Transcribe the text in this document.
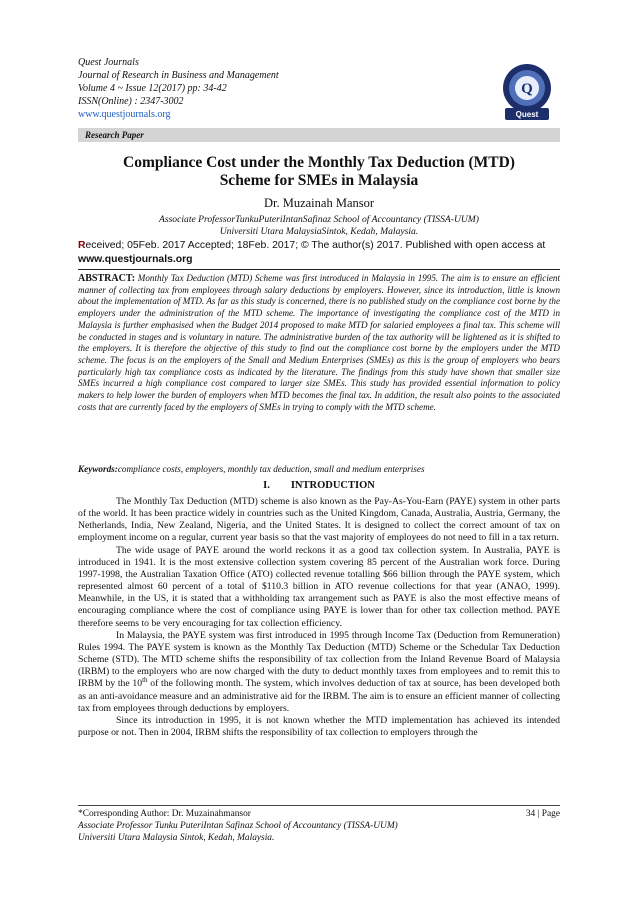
Quest Journals
Journal of Research in Business and Management
Volume 4 ~ Issue 12(2017) pp: 34-42
ISSN(Online) : 2347-3002
www.questjournals.org
Q
Quest
Research Paper
Compliance Cost under the Monthly Tax Deduction (MTD)
Scheme for SMEs in Malaysia
Dr. Muzainah Mansor
Associate ProfessorTunkuPuteriIntanSafinaz School of Accountancy (TISSA-UUM)
Universiti Utara MalaysiaSintok, Kedah, Malaysia.
Received; 05Feb. 2017 Accepted; 18Feb. 2017; © The author(s) 2017. Published with open access at
www.questjournals.org
ABSTRACT: Monthly Tax Deduction (MTD) Scheme was first introduced in Malaysia in 1995. The aim is to ensure an efficient manner of collecting tax from employees through salary deductions by employers. However, since its introduction, little is known about the implementation of MTD. As far as this study is concerned, there is no published study on the compliance cost borne by the employers under the administration of the MTD scheme. The importance of investigating the compliance cost of the MTD in Malaysia is further emphasised when the Budget 2014 proposed to make MTD for salaried employees a final tax. This scheme will be conducted in stages and is voluntary in nature. The administrative burden of the tax authority will be lightened as it is shifted to the employers. It is therefore the objective of this study to find out the compliance cost borne by the employers under the MTD scheme. The focus is on the employers of the Small and Medium Enterprises (SMEs) as this is the group of employers who bears particularly high tax compliance costs as indicated by the literature. The findings from this study have shown that smaller size SMEs incurred a high compliance cost compared to larger size SMEs. This study has provided essential information to policy makers to help lower the burden of employers when MTD becomes the final tax. In addition, the result also points to the associated costs that are currently faced by the employers of SMEs in trying to comply with the MTD scheme.
Keywords:compliance costs, employers, monthly tax deduction, small and medium enterprises
I.        INTRODUCTION

The Monthly Tax Deduction (MTD) scheme is also known as the Pay-As-You-Earn (PAYE) system in other parts of the world. It has been practice widely in countries such as the United Kingdom, Canada, Australia, Austria, Germany, the Netherlands, India, New Zealand, Nigeria, and the United States. It is designed to collect the correct amount of tax on employment income on a regular, current year basis so that the vast majority of employees do not need to fill in a tax return.

The wide usage of PAYE around the world reckons it as a good tax collection system. In Australia, PAYE is introduced in 1941. It is the most extensive collection system covering 85 percent of the Australian work force. During 1997-1998, the Australian Taxation Office (ATO) collected revenue totalling $66 billion through the PAYE system, which represented almost 60 percent of a total of $110.3 billion in ATO revenue collections for that year (ANAO, 1999). Meanwhile, in the US, it is stated that a withholding tax arrangement such as PAYE is also the most effective means of encouraging compliance where the cost of compliance using PAYE is lower than for other tax collection method. PAYE therefore seems to be very encouraging for tax collection efficiency.

In Malaysia, the PAYE system was first introduced in 1995 through Income Tax (Deduction from Remuneration) Rules 1994. The PAYE system is known as the Monthly Tax Deduction (MTD) Scheme or the Schedular Tax Deduction Scheme (STD). The MTD scheme shifts the responsibility of tax collection from the Inland Revenue Board of Malaysia (IRBM) to the employers who are now charged with the duty to deduct monthly taxes from employees and to remit this to IRBM by the 10th of the following month. The system, which involves deduction of tax at source, has been developed both as an anti-avoidance measure and an administrative aid for the IRBM. The aim is to ensure an efficient manner of collecting tax from employees through deductions by employers.

Since its introduction in 1995, it is not known whether the MTD implementation has achieved its intended purpose or not. Then in 2004, IRBM shifts the responsibility of tax collection to employers through the

*Corresponding Author: Dr. Muzainahmansor	34 | Page
Associate Professor Tunku PuteriIntan Safinaz School of Accountancy (TISSA-UUM)
Universiti Utara Malaysia Sintok, Kedah, Malaysia.
